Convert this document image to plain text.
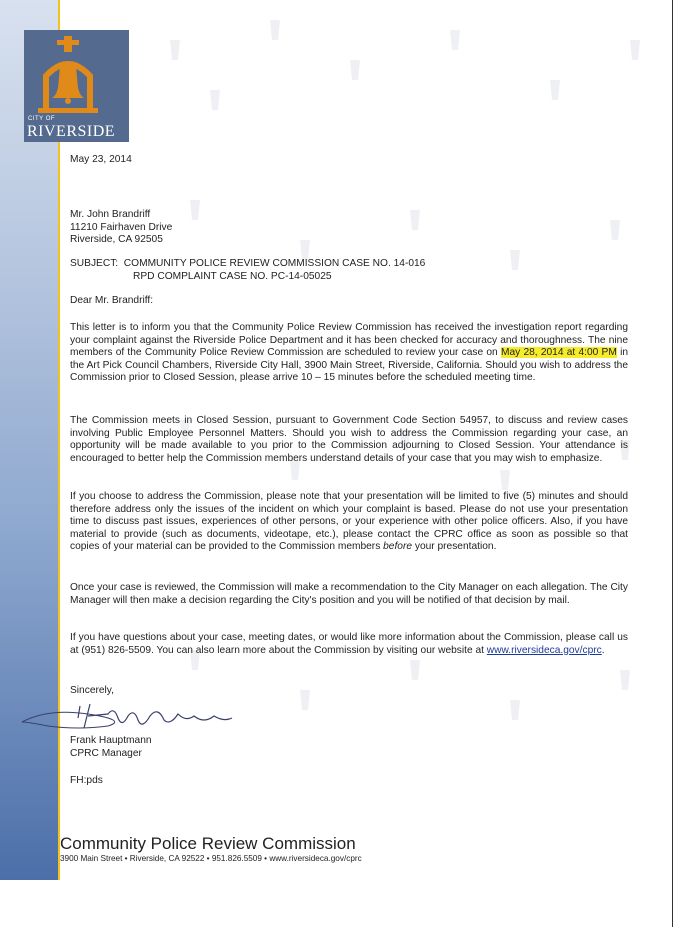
CITY OF
RIVERSIDE
May 23, 2014
Mr. John Brandriff
11210 Fairhaven Drive
Riverside, CA 92505
SUBJECT: COMMUNITY POLICE REVIEW COMMISSION CASE NO. 14-016
RPD COMPLAINT CASE NO. PC-14-05025
Dear Mr. Brandriff:

This letter is to inform you that the Community Police Review Commission has received the investigation report regarding your complaint against the Riverside Police Department and it has been checked for accuracy and thoroughness. The nine members of the Community Police Review Commission are scheduled to review your case on May 28, 2014 at 4:00 PM in the Art Pick Council Chambers, Riverside City Hall, 3900 Main Street, Riverside, California. Should you wish to address the Commission prior to Closed Session, please arrive 10 – 15 minutes before the scheduled meeting time.

The Commission meets in Closed Session, pursuant to Government Code Section 54957, to discuss and review cases involving Public Employee Personnel Matters. Should you wish to address the Commission regarding your case, an opportunity will be made available to you prior to the Commission adjourning to Closed Session. Your attendance is encouraged to better help the Commission members understand details of your case that you may wish to emphasize.

If you choose to address the Commission, please note that your presentation will be limited to five (5) minutes and should therefore address only the issues of the incident on which your complaint is based. Please do not use your presentation time to discuss past issues, experiences of other persons, or your experience with other police officers. Also, if you have material to provide (such as documents, videotape, etc.), please contact the CPRC office as soon as possible so that copies of your material can be provided to the Commission members before your presentation.

Once your case is reviewed, the Commission will make a recommendation to the City Manager on each allegation. The City Manager will then make a decision regarding the City's position and you will be notified of that decision by mail.

If you have questions about your case, meeting dates, or would like more information about the Commission, please call us at (951) 826-5509. You can also learn more about the Commission by visiting our website at www.riversideca.gov/cprc.

Sincerely,
Frank Hauptmann
CPRC Manager
FH:pds
Community Police Review Commission
3900 Main Street • Riverside, CA 92522 • 951.826.5509 • www.riversideca.gov/cprc
